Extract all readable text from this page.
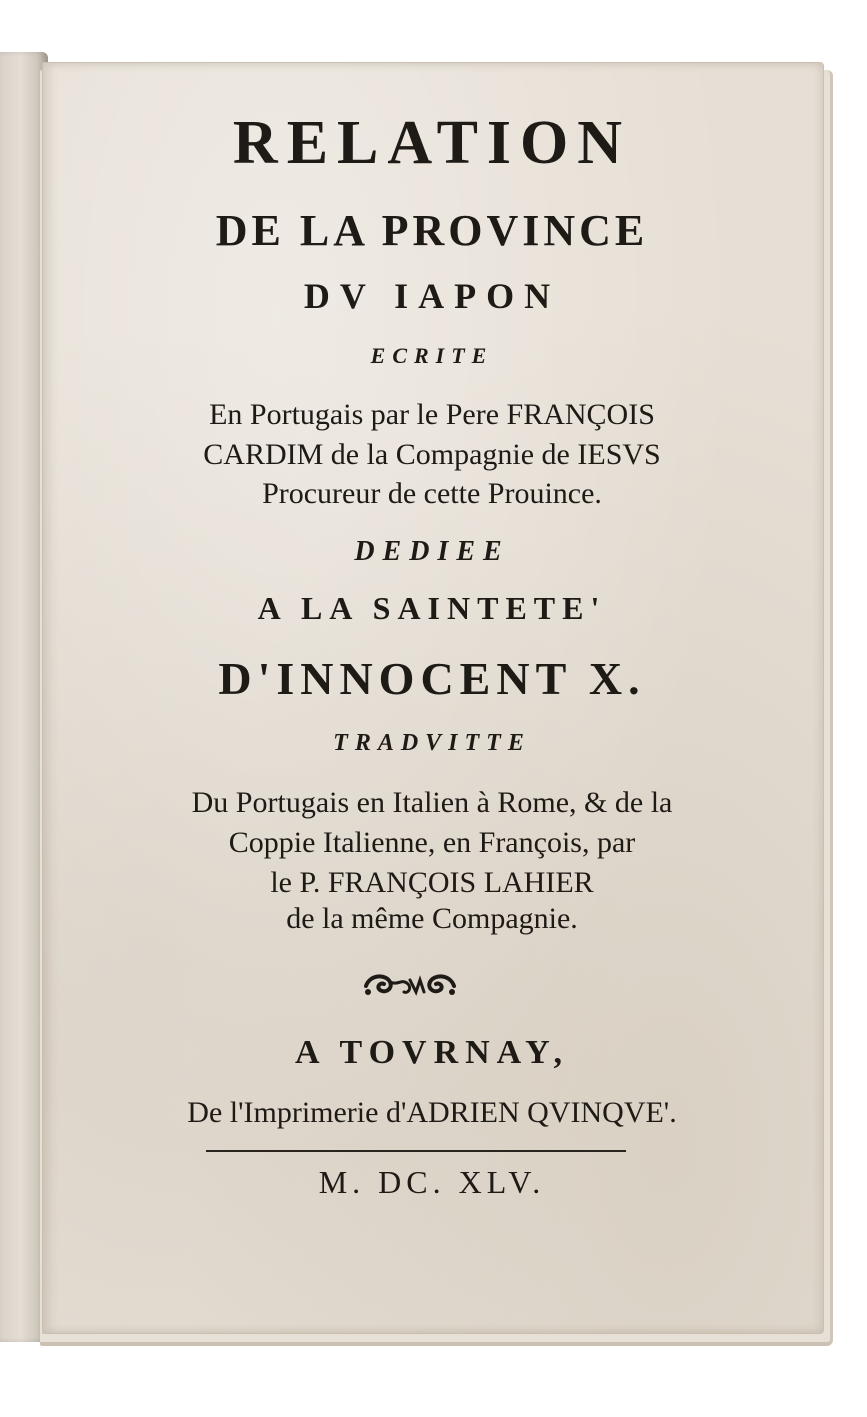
RELATION
DE LA PROVINCE
DV IAPON
ECRITE
En Portugais par le Pere FRANÇOIS
CARDIM de la Compagnie de IESVS
Procureur de cette Prouince.
DEDIEE
A LA SAINTETE'
D'INNOCENT X.
TRADVITTE
Du Portugais en Italien à Rome, & de la
Coppie Italienne, en François, par
le P. FRANÇOIS LAHIER
de la même Compagnie.
A TOVRNAY,
De l'Imprimerie d'ADRIEN QVINQVE'.
M. DC. XLV.
